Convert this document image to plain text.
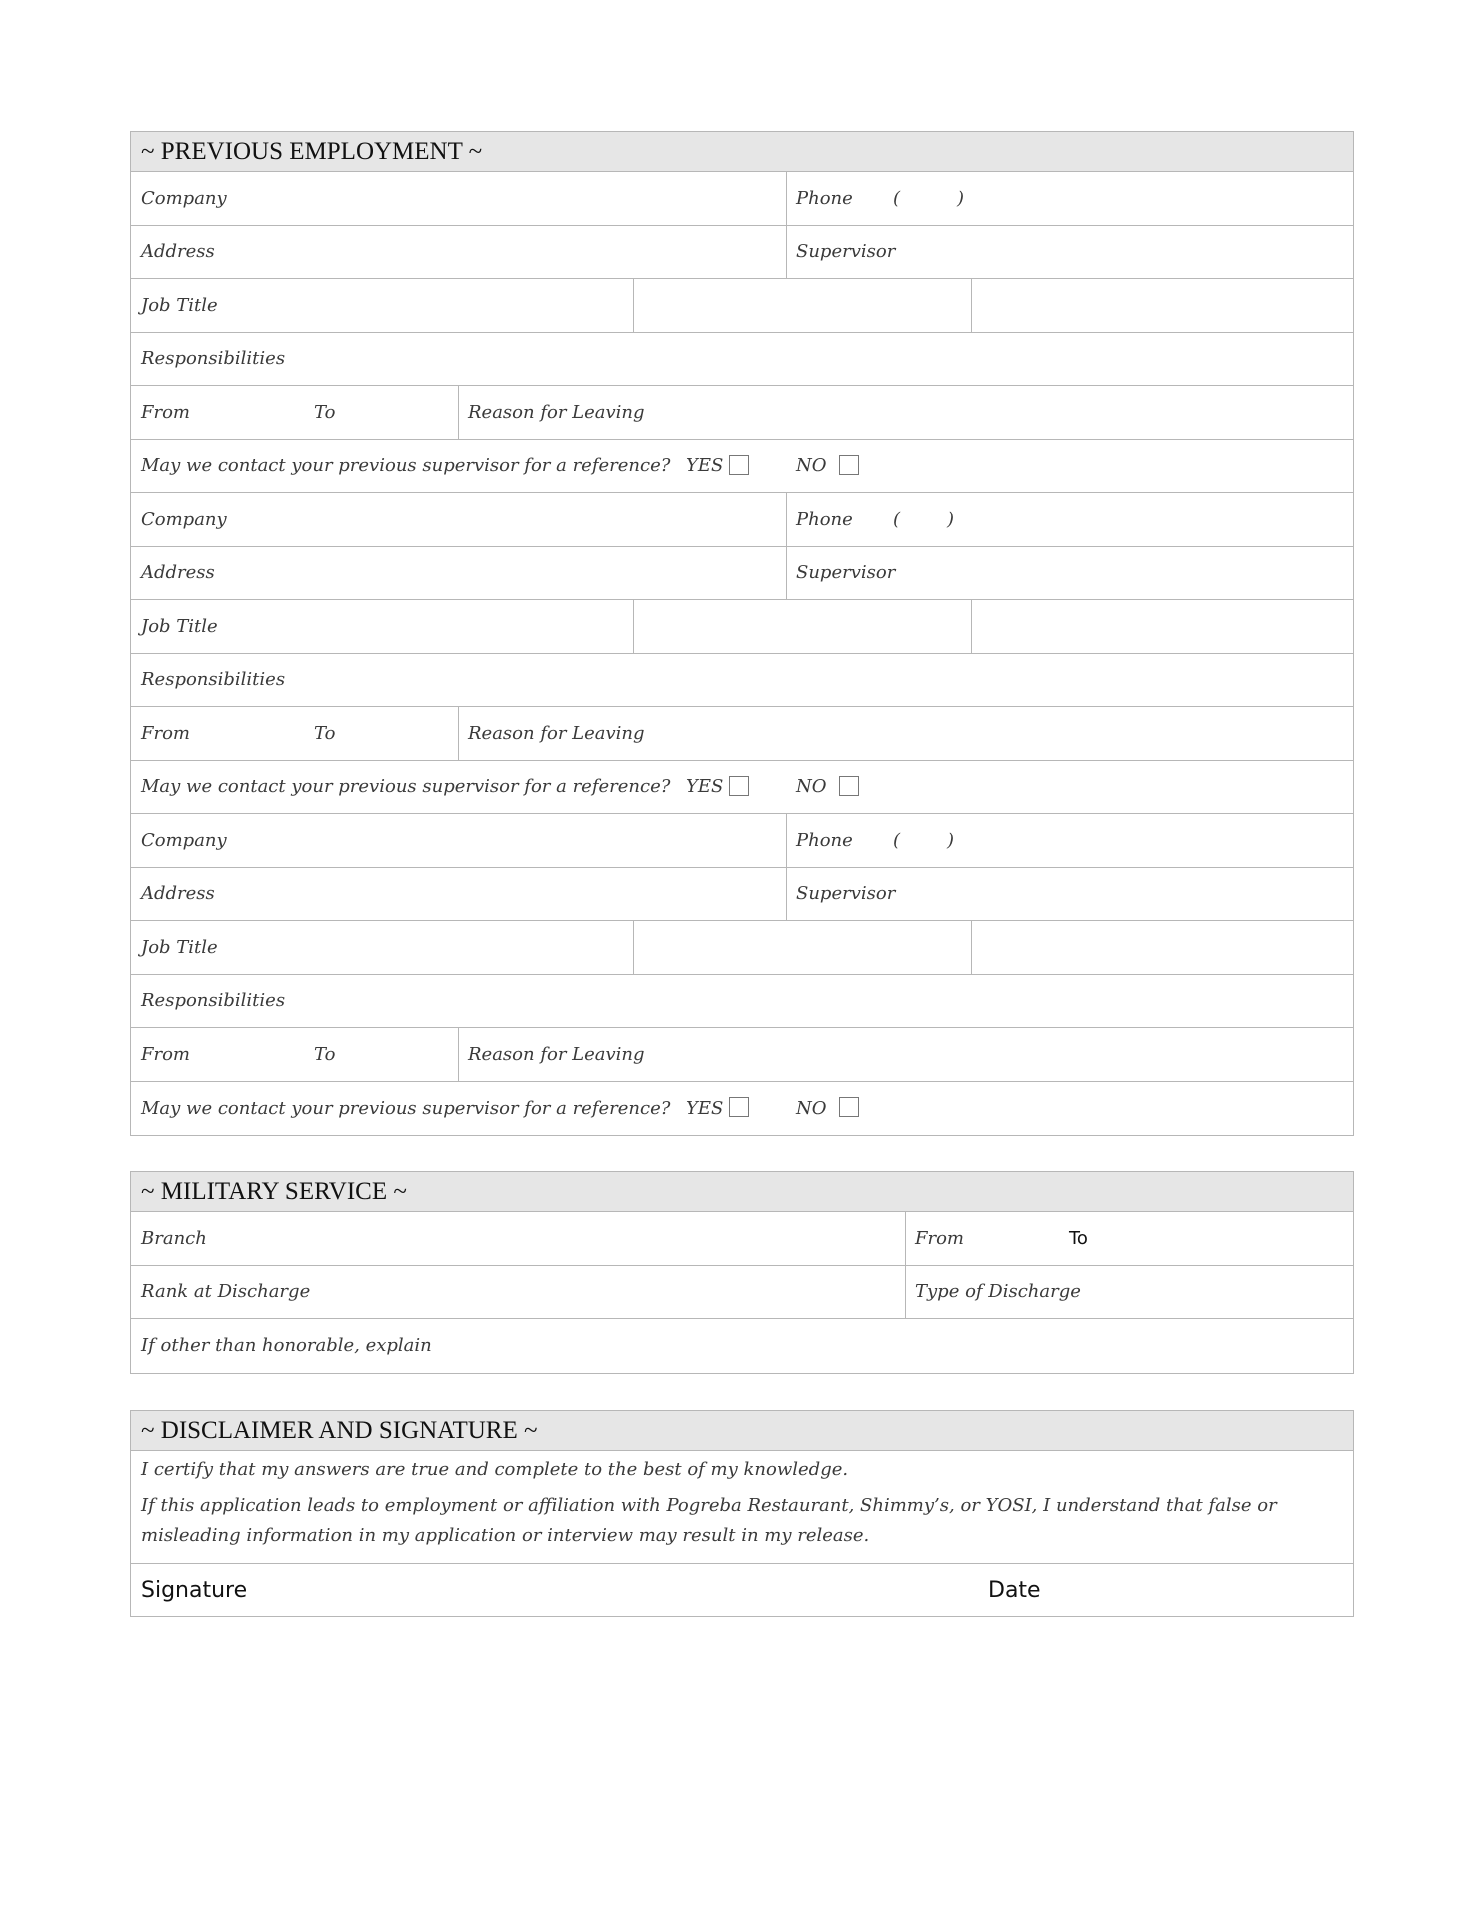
~ PREVIOUS EMPLOYMENT ~
Company	Phone (	)
Address	Supervisor
Job Title
Responsibilities
From	To	Reason for Leaving
May we contact your previous supervisor for a reference? YES	NO
Company	Phone (	)
Address	Supervisor
Job Title
Responsibilities
From	To	Reason for Leaving
May we contact your previous supervisor for a reference? YES	NO
Company	Phone (	)
Address	Supervisor
Job Title
Responsibilities
From	To	Reason for Leaving
May we contact your previous supervisor for a reference? YES	NO
~ MILITARY SERVICE ~
Branch	From	To
Rank at Discharge	Type of Discharge
If other than honorable, explain
~ DISCLAIMER AND SIGNATURE ~
I certify that my answers are true and complete to the best of my knowledge.
If this application leads to employment or affiliation with Pogreba Restaurant, Shimmy’s, or YOSI, I understand that false or misleading information in my application or interview may result in my release.
Signature	Date
